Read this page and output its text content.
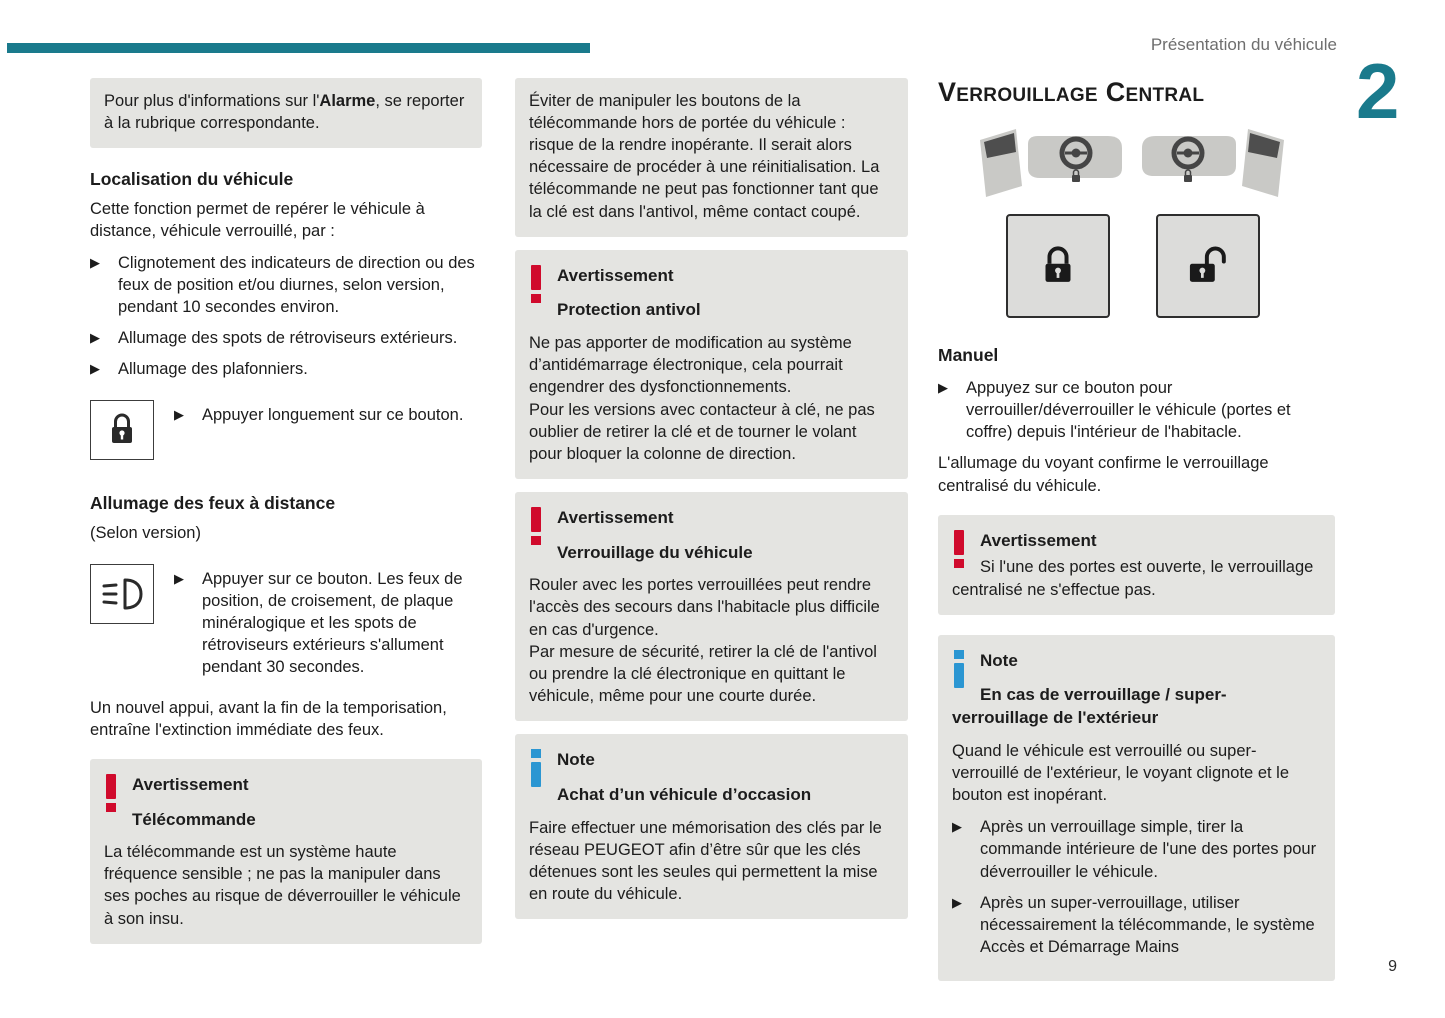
Présentation du véhicule
2
9
Pour plus d'informations sur l'Alarme, se reporter à la rubrique correspondante.
Localisation du véhicule

Cette fonction permet de repérer le véhicule à distance, véhicule verrouillé, par :

▶ Clignotement des indicateurs de direction ou des feux de position et/ou diurnes, selon version, pendant 10 secondes environ.
▶ Allumage des spots de rétroviseurs extérieurs.
▶ Allumage des plafonniers.
▶ Appuyer longuement sur ce bouton.
Allumage des feux à distance

(Selon version)

▶ Appuyer sur ce bouton. Les feux de position, de croisement, de plaque minéralogique et les spots de rétroviseurs extérieurs s'allument pendant 30 secondes.

Un nouvel appui, avant la fin de la temporisation, entraîne l'extinction immédiate des feux.

Avertissement
Télécommande

La télécommande est un système haute fréquence sensible ; ne pas la manipuler dans ses poches au risque de déverrouiller le véhicule à son insu.

Éviter de manipuler les boutons de la télécommande hors de portée du véhicule : risque de la rendre inopérante. Il serait alors nécessaire de procéder à une réinitialisation. La télécommande ne peut pas fonctionner tant que la clé est dans l'antivol, même contact coupé.

Avertissement
Protection antivol

Ne pas apporter de modification au système d’antidémarrage électronique, cela pourrait engendrer des dysfonctionnements.

Pour les versions avec contacteur à clé, ne pas oublier de retirer la clé et de tourner le volant pour bloquer la colonne de direction.

Avertissement
Verrouillage du véhicule

Rouler avec les portes verrouillées peut rendre l'accès des secours dans l'habitacle plus difficile en cas d'urgence.

Par mesure de sécurité, retirer la clé de l'antivol ou prendre la clé électronique en quittant le véhicule, même pour une courte durée.

Note
Achat d’un véhicule d’occasion

Faire effectuer une mémorisation des clés par le réseau PEUGEOT afin d’être sûr que les clés détenues sont les seules qui permettent la mise en route du véhicule.

Verrouillage Central
Manuel
▶ Appuyez sur ce bouton pour verrouiller/déverrouiller le véhicule (portes et coffre) depuis l'intérieur de l'habitacle.

L'allumage du voyant confirme le verrouillage centralisé du véhicule.

Avertissement

Si l'une des portes est ouverte, le verrouillage centralisé ne s'effectue pas.

Note
En cas de verrouillage / super-verrouillage de l'extérieur

Quand le véhicule est verrouillé ou super-verrouillé de l'extérieur, le voyant clignote et le bouton est inopérant.

▶ Après un verrouillage simple, tirer la commande intérieure de l'une des portes pour déverrouiller le véhicule.
▶ Après un super-verrouillage, utiliser nécessairement la télécommande, le système Accès et Démarrage Mains
